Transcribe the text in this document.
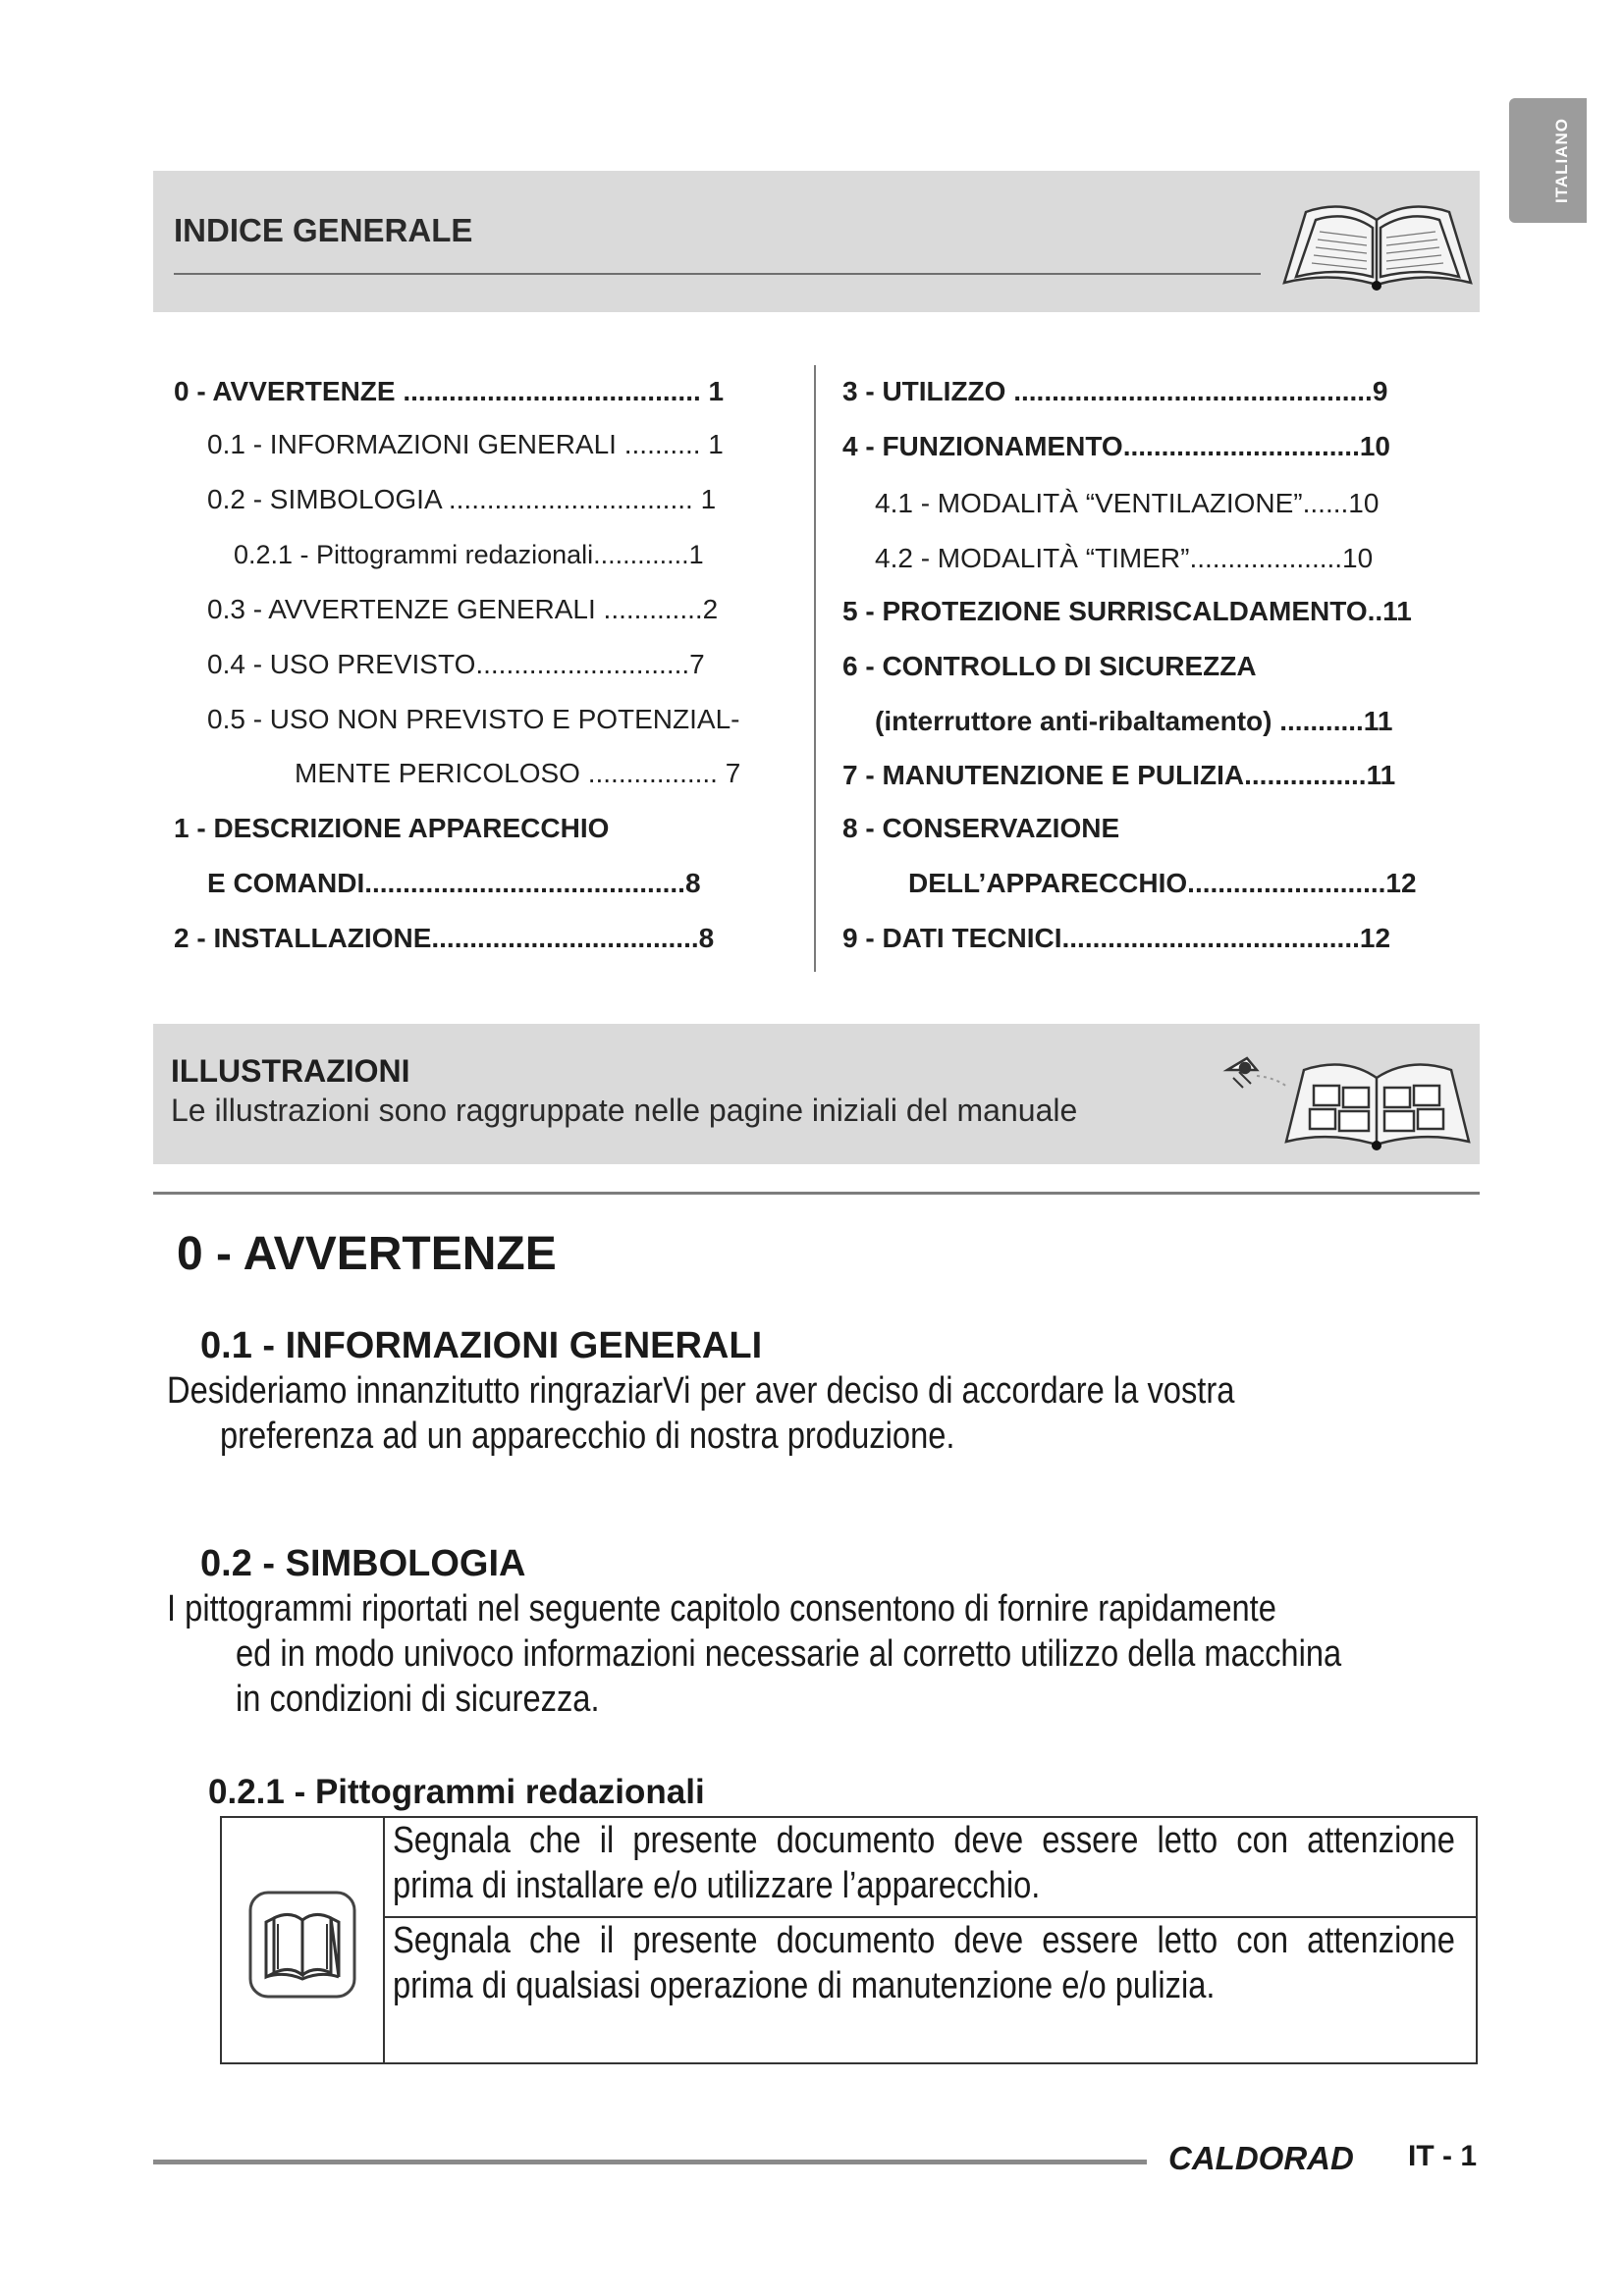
ITALIANO
INDICE GENERALE
0 - AVVERTENZE ....................................... 1
0.1 - INFORMAZIONI GENERALI .......... 1
0.2 - SIMBOLOGIA ................................ 1
0.2.1 - Pittogrammi redazionali.............1
0.3 - AVVERTENZE GENERALI .............2
0.4 - USO PREVISTO............................7
0.5 - USO NON PREVISTO E POTENZIAL-
MENTE PERICOLOSO ................. 7
1 - DESCRIZIONE APPARECCHIO
E COMANDI..........................................8
2 - INSTALLAZIONE...................................8
3 - UTILIZZO ...............................................9
4 - FUNZIONAMENTO...............................10
4.1 - MODALITÀ “VENTILAZIONE”......10
4.2 - MODALITÀ “TIMER”....................10
5 - PROTEZIONE SURRISCALDAMENTO..11
6 - CONTROLLO DI SICUREZZA
(interruttore anti-ribaltamento) ...........11
7 - MANUTENZIONE E PULIZIA................11
8 - CONSERVAZIONE
DELL’APPARECCHIO..........................12
9 - DATI TECNICI.......................................12
ILLUSTRAZIONI
Le illustrazioni sono raggruppate nelle pagine iniziali del manuale
0 - AVVERTENZE
0.1 - INFORMAZIONI GENERALI
Desideriamo innanzitutto ringraziarVi per aver deciso di accordare la vostra
preferenza ad un apparecchio di nostra produzione.
0.2 - SIMBOLOGIA
I pittogrammi riportati nel seguente capitolo consentono di fornire rapidamente
ed in modo univoco informazioni necessarie al corretto utilizzo della macchina
in condizioni di sicurezza.
0.2.1 - Pittogrammi redazionali
Segnala che il presente documento deve essere letto con attenzione prima di installare e/o utilizzare l’apparecchio.
Segnala che il presente documento deve essere letto con attenzione prima di qualsiasi operazione di manutenzione e/o pulizia.
CALDORAD IT - 1
